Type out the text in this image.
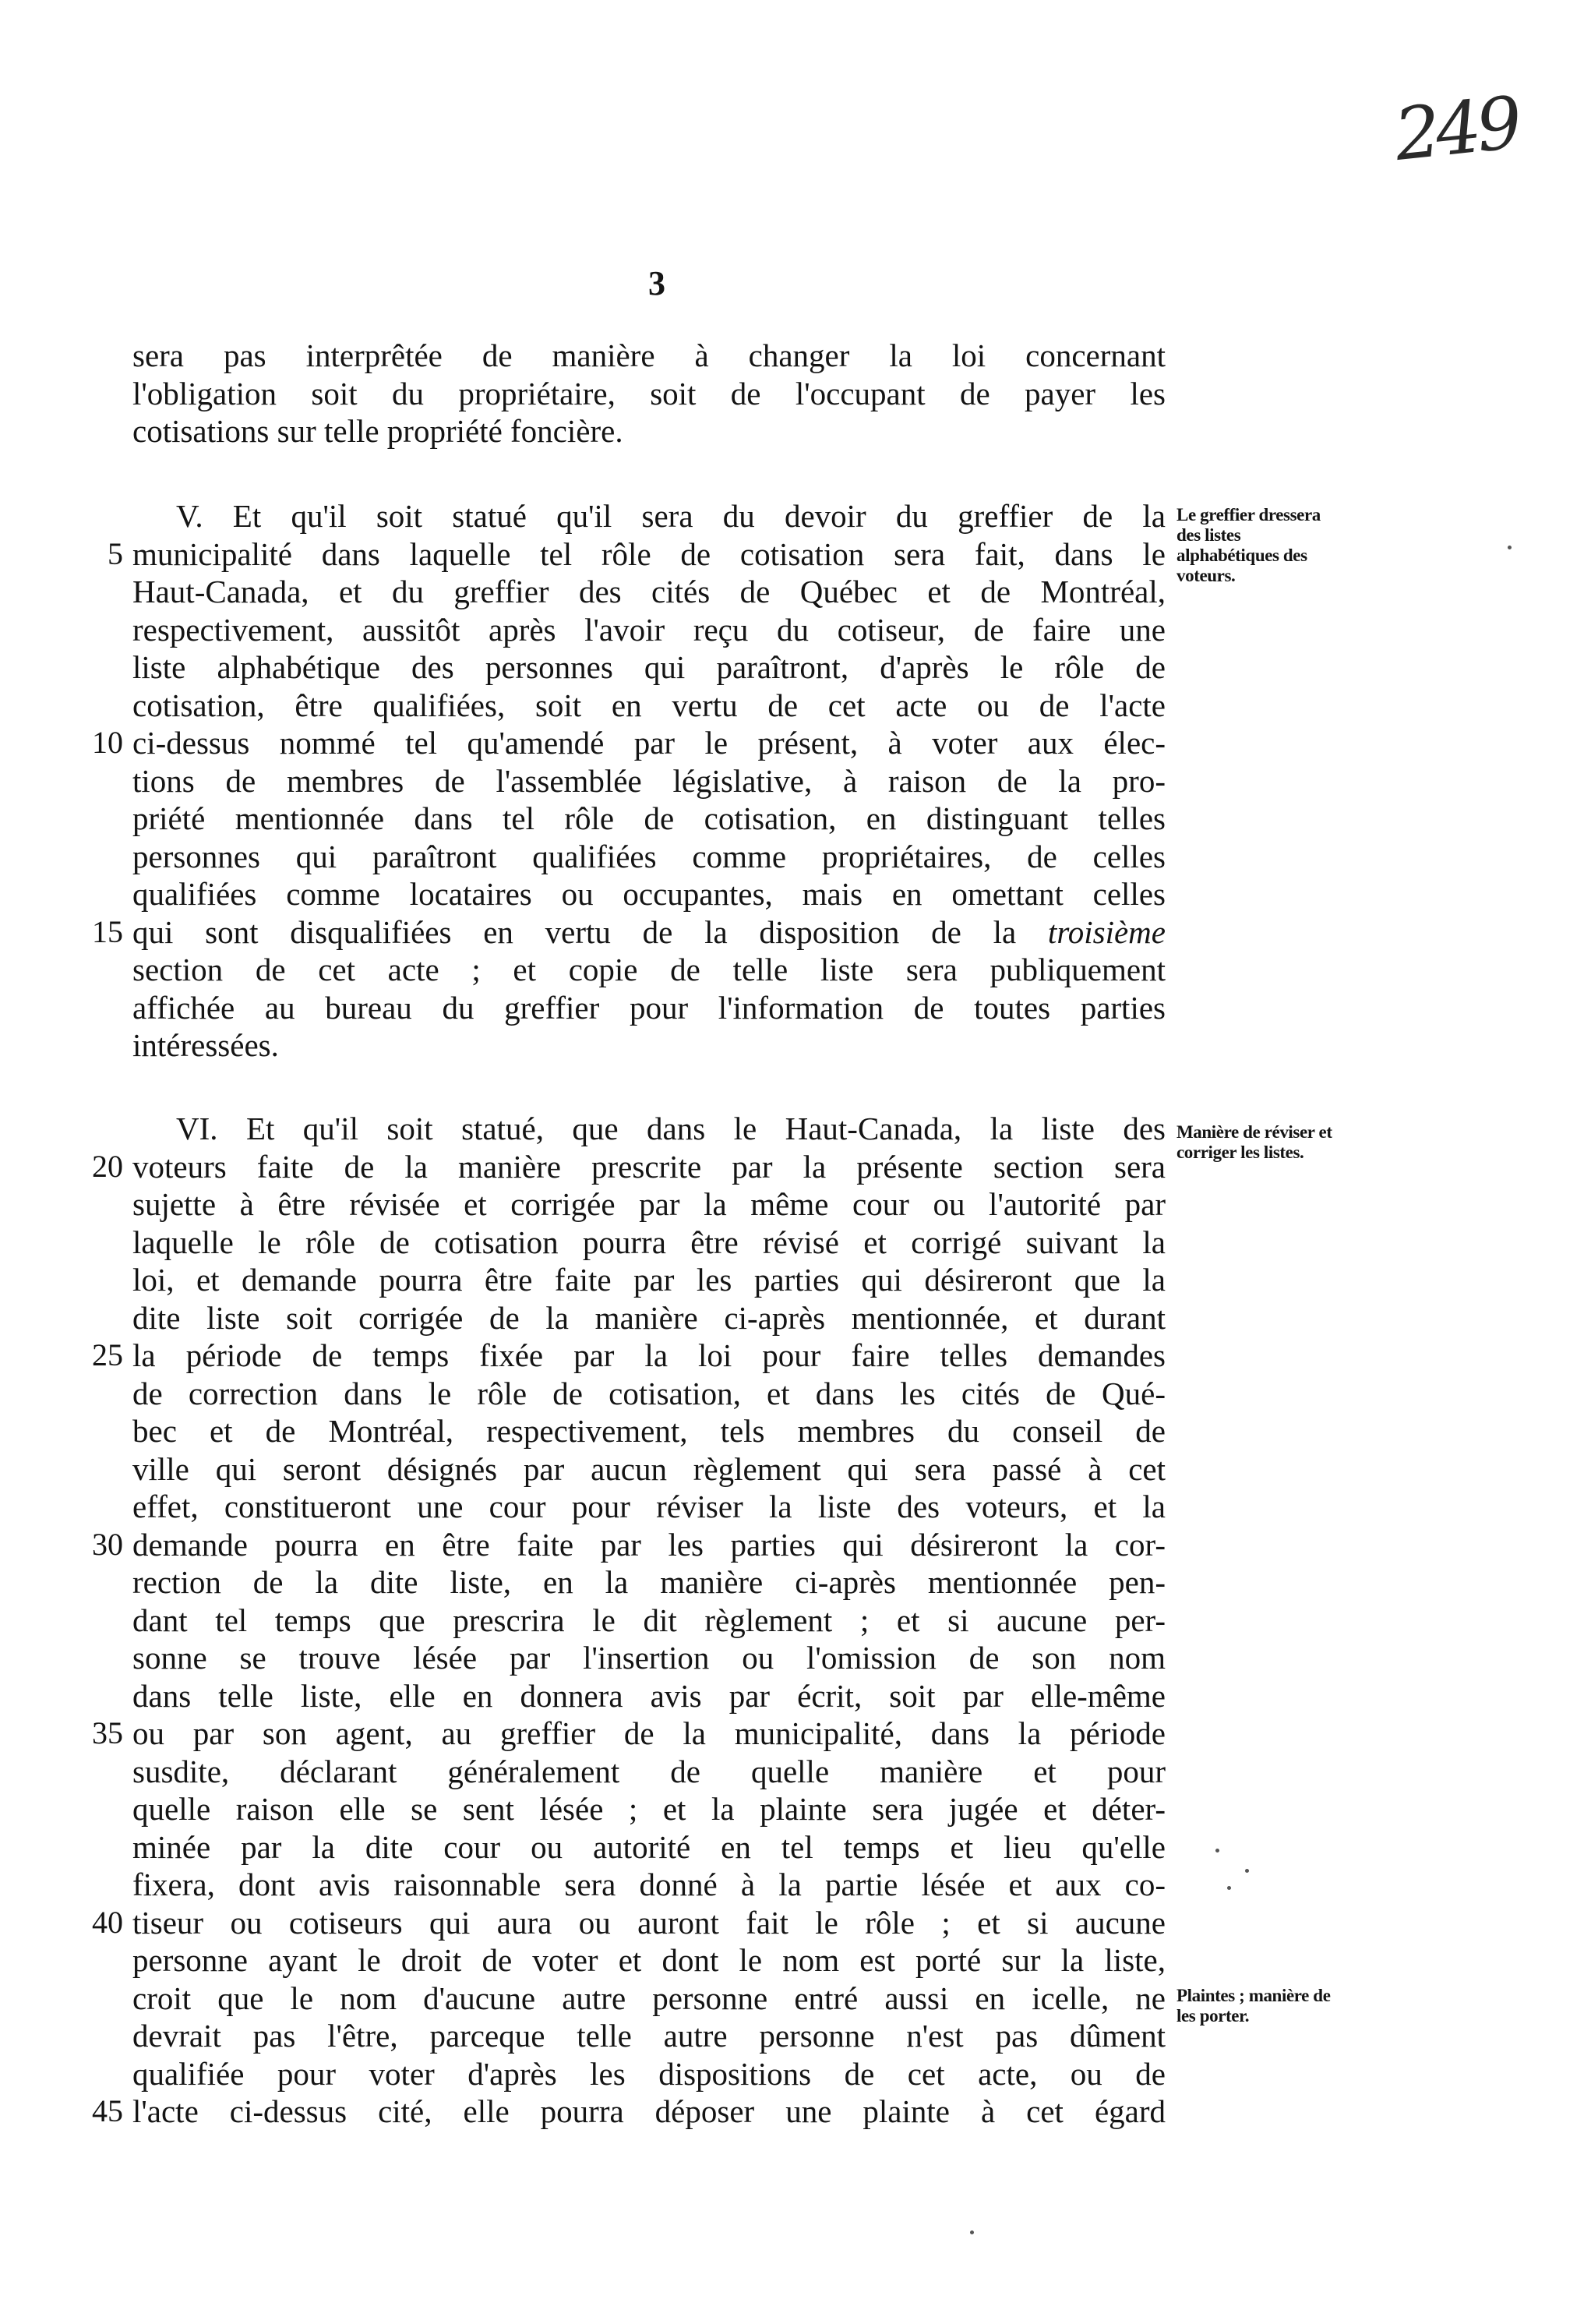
249
3
sera pas interprêtée de manière à changer la loi concernant
l'obligation soit du propriétaire, soit de l'occupant de payer les
cotisations sur telle propriété foncière.
V. Et qu'il soit statué qu'il sera du devoir du greffier de la
5 municipalité dans laquelle tel rôle de cotisation sera fait, dans le
Haut-Canada, et du greffier des cités de Québec et de Montréal,
respectivement, aussitôt après l'avoir reçu du cotiseur, de faire une
liste alphabétique des personnes qui paraîtront, d'après le rôle de
cotisation, être qualifiées, soit en vertu de cet acte ou de l'acte
10 ci-dessus nommé tel qu'amendé par le présent, à voter aux élec-
tions de membres de l'assemblée législative, à raison de la pro-
priété mentionnée dans tel rôle de cotisation, en distinguant telles
personnes qui paraîtront qualifiées comme propriétaires, de celles
qualifiées comme locataires ou occupantes, mais en omettant celles
15 qui sont disqualifiées en vertu de la disposition de la troisième
section de cet acte ; et copie de telle liste sera publiquement
affichée au bureau du greffier pour l'information de toutes parties
intéressées.
Le greffier dressera des listes alphabétiques des voteurs.
VI. Et qu'il soit statué, que dans le Haut-Canada, la liste des
20 voteurs faite de la manière prescrite par la présente section sera
sujette à être révisée et corrigée par la même cour ou l'autorité par
laquelle le rôle de cotisation pourra être révisé et corrigé suivant la
loi, et demande pourra être faite par les parties qui désireront que la
dite liste soit corrigée de la manière ci-après mentionnée, et durant
25 la période de temps fixée par la loi pour faire telles demandes
de correction dans le rôle de cotisation, et dans les cités de Qué-
bec et de Montréal, respectivement, tels membres du conseil de
ville qui seront désignés par aucun règlement qui sera passé à cet
effet, constitueront une cour pour réviser la liste des voteurs, et la
30 demande pourra en être faite par les parties qui désireront la cor-
rection de la dite liste, en la manière ci-après mentionnée pen-
dant tel temps que prescrira le dit règlement ; et si aucune per-
sonne se trouve lésée par l'insertion ou l'omission de son nom
dans telle liste, elle en donnera avis par écrit, soit par elle-même
35 ou par son agent, au greffier de la municipalité, dans la période
susdite, déclarant généralement de quelle manière et pour
quelle raison elle se sent lésée ; et la plainte sera jugée et déter-
minée par la dite cour ou autorité en tel temps et lieu qu'elle
fixera, dont avis raisonnable sera donné à la partie lésée et aux co-
40 tiseur ou cotiseurs qui aura ou auront fait le rôle ; et si aucune
personne ayant le droit de voter et dont le nom est porté sur la liste,
croit que le nom d'aucune autre personne entré aussi en icelle, ne
devrait pas l'être, parceque telle autre personne n'est pas dûment
qualifiée pour voter d'après les dispositions de cet acte, ou de
45 l'acte ci-dessus cité, elle pourra déposer une plainte à cet égard
Manière de réviser et corriger les listes.
Plaintes ; manière de les porter.
